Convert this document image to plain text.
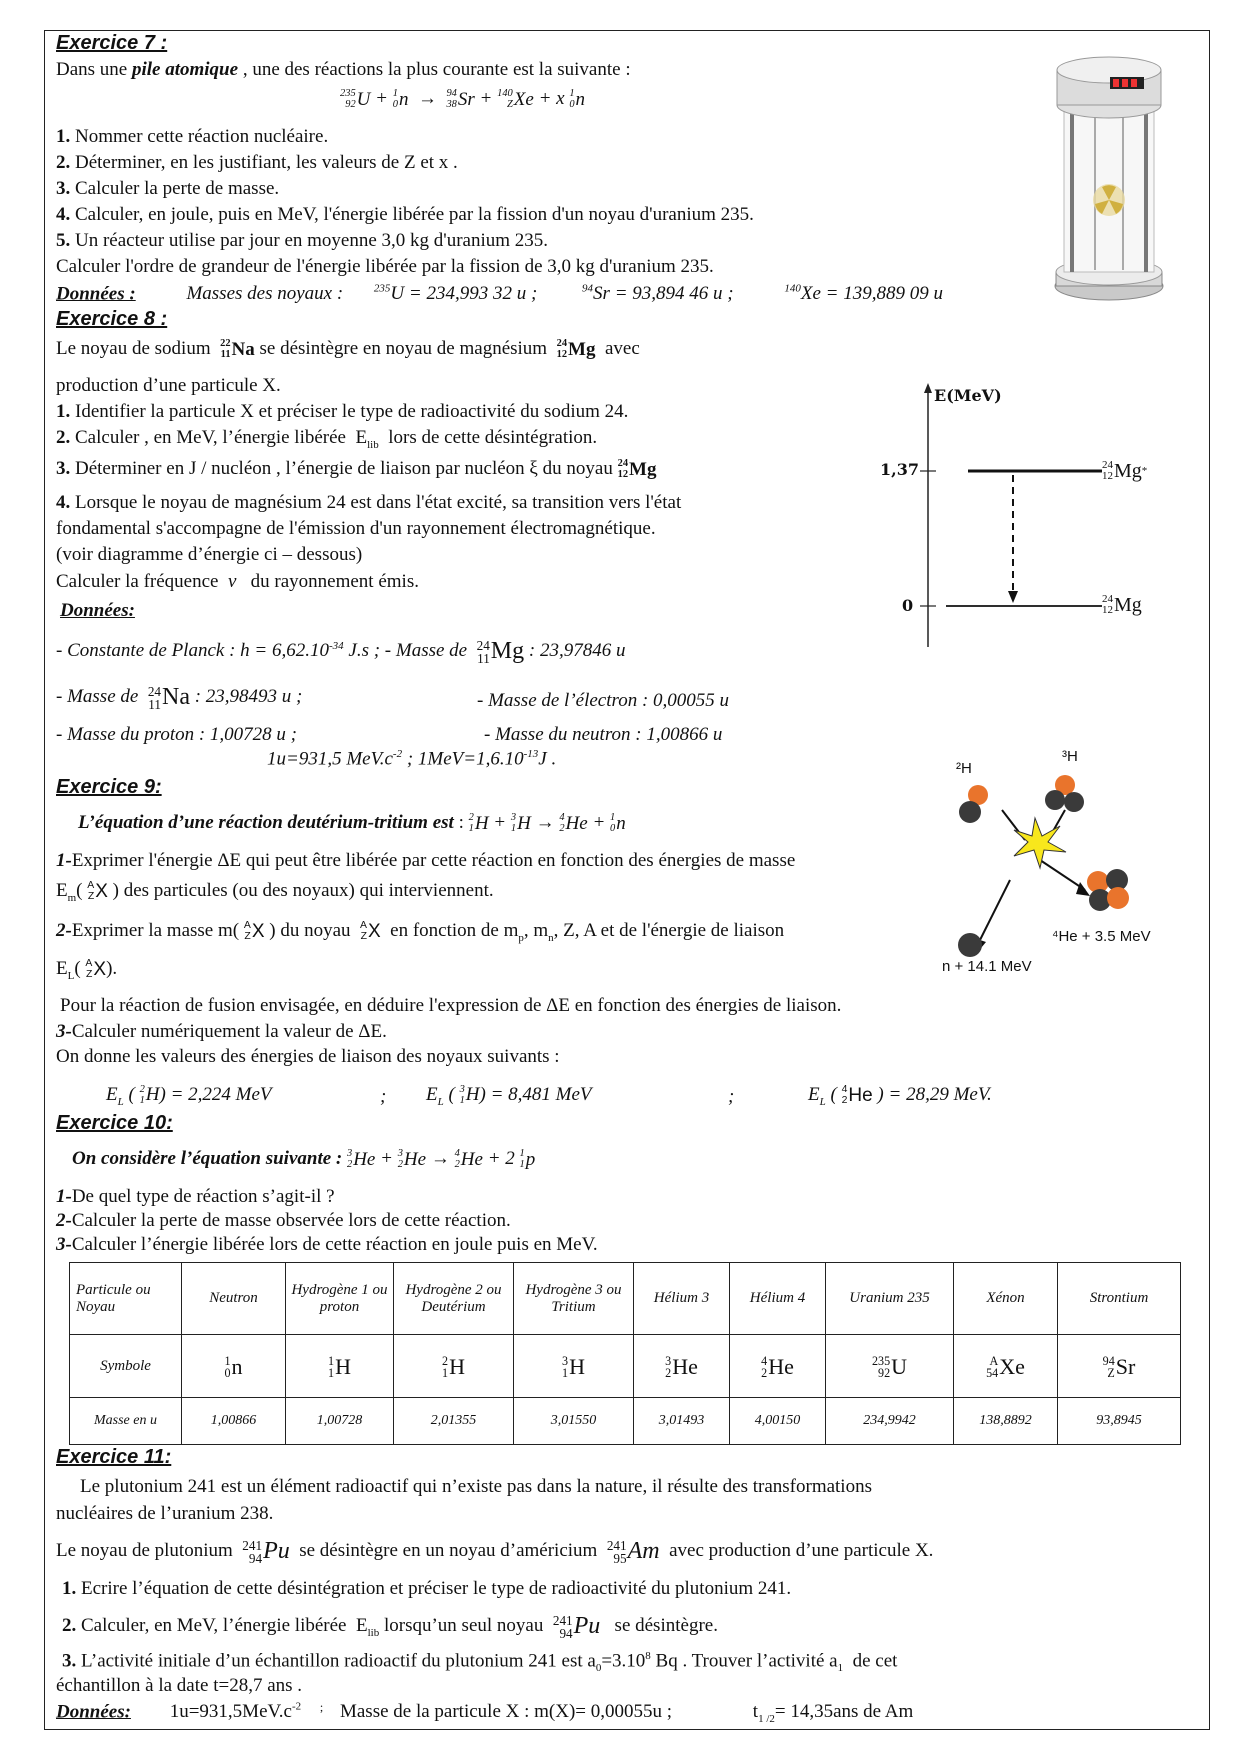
Exercice 7 :
Dans une pile atomique , une des réactions la plus courante est la suivante :
235
92 U + 1
0 n → 94
38 Sr + 140
Z Xe + x 1
0 n
1. Nommer cette réaction nucléaire.
2. Déterminer, en les justifiant, les valeurs de Z et x .
3. Calculer la perte de masse.
4. Calculer, en joule, puis en MeV, l'énergie libérée par la fission d'un noyau d'uranium 235.
5. Un réacteur utilise par jour en moyenne 3,0 kg d'uranium 235.
Calculer l'ordre de grandeur de l'énergie libérée par la fission de 3,0 kg d'uranium 235.
Données :	Masses des noyaux :	$^{235}$U = 234,993 32 u ;	$^{94}$Sr = 93,894 46 u ;	$^{140}$Xe = 139,889 09 u
Exercice 8 :
Le noyau de sodium 22
11 Na se désintègre en noyau de magnésium 24
12 Mg avec
production d’une particule X.
1. Identifier la particule X et préciser le type de radioactivité du sodium 24.
2. Calculer , en MeV, l’énergie libérée $E_{lib}$ lors de cette désintégration.
3. Déterminer en J / nucléon , l’énergie de liaison par nucléon ξ du noyau 24
12 Mg
4. Lorsque le noyau de magnésium 24 est dans l'état excité, sa transition vers l'état
fondamental s'accompagne de l'émission d'un rayonnement électromagnétique.
(voir diagramme d’énergie ci – dessous)
Calculer la fréquence ν du rayonnement émis.
Données:
- Constante de Planck : $h = 6,62.10^{-34}$ J.s ; - Masse de 24
11 Mg : 23,97846 u
- Masse de 24
11 Na : 23,98493 u ;	- Masse de l’électron : 0,00055 u
- Masse du proton : 1,00728 u ;	- Masse du neutron : 1,00866 u
1u=931,5 $MeV.c^{-2}$ ; $1MeV=1,6.10^{-13}J$ .
E(MeV)
1,37
0
24
12 Mg *
24
12 Mg
Exercice 9:
L’équation d’une réaction deutérium-tritium est : 2
1 H + 3
1 H → 4
2 He + 1
0 n
1-Exprimer l'énergie ΔE qui peut être libérée par cette réaction en fonction des énergies de masse
$E_m$( A
Z X ) des particules (ou des noyaux) qui interviennent.
2-Exprimer la masse m( A
Z X ) du noyau A
Z X en fonction de $m_p$, $m_n$, Z, A et de l'énergie de liaison
$E_L$( A
Z X ).
Pour la réaction de fusion envisagée, en déduire l'expression de ΔE en fonction des énergies de liaison.
3-Calculer numériquement la valeur de ΔE.
On donne les valeurs des énergies de liaison des noyaux suivants :
$E_L$ ( 2
1 H) = 2,224 MeV	; $E_L$ ( 3
1 H) = 8,481 MeV	;	$E_L$ ( 4
2 He ) = 28,29 MeV.
²H
³H
⁴He + 3.5 MeV
n + 14.1 MeV
Exercice 10:
On considère l’équation suivante : 3
2 He + 3
2 He → 4
2 He + 2 1
1 p
1-De quel type de réaction s’agit-il ?
2-Calculer la perte de masse observée lors de cette réaction.
3-Calculer l’énergie libérée lors de cette réaction en joule puis en MeV.
Particule ou Noyau	Neutron	Hydrogène 1 ou proton	Hydrogène 2 ou Deutérium	Hydrogène 3 ou Tritium	Hélium 3	Hélium 4	Uranium 235	Xénon	Strontium
Symbole	1
0 n	1
1 H	2
1 H	3
1 H	3
2 He	4
2 He	235
92 U	A
54 Xe	94
Z Sr

Masse en u	1,00866	1,00728	2,01355	3,01550	3,01493	4,00150	234,9942	138,8892	93,8945
Exercice 11:
Le plutonium 241 est un élément radioactif qui n’existe pas dans la nature, il résulte des transformations
nucléaires de l’uranium 238.
Le noyau de plutonium 241
94 Pu se désintègre en un noyau d’américium 241
95 Am avec production d’une particule X.
1. Ecrire l’équation de cette désintégration et préciser le type de radioactivité du plutonium 241.
2. Calculer, en MeV, l’énergie libérée $E_{lib}$ lorsqu’un seul noyau 241
94 Pu se désintègre.
3. L’activité initiale d’un échantillon radioactif du plutonium 241 est $a_0=3.10^8$ Bq . Trouver l’activité $a_1$ de cet
échantillon à la date t=28,7 ans .
Données: $1u=931,5MeV.c^{-2}$ ; Masse de la particule X : m(X)= 0,00055u ;	$t_{1 /2}= 14,35ans$ de Am
